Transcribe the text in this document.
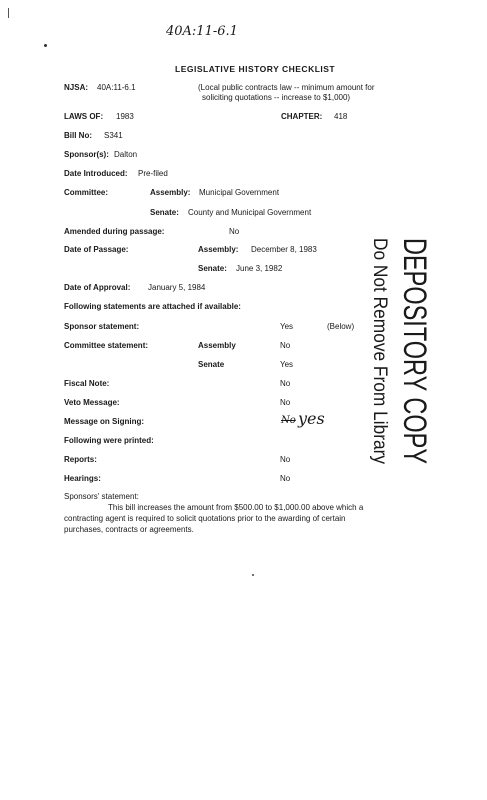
40A:11-6.1
LEGISLATIVE HISTORY CHECKLIST
NJSA: 40A:11-6.1	(Local public contracts law -- minimum amount for
soliciting quotations -- increase to $1,000)
LAWS OF: 1983	CHAPTER: 418
Bill No: S341
Sponsor(s): Dalton
Date Introduced: Pre-filed
Committee:	Assembly: Municipal Government
Senate: County and Municipal Government
Amended during passage:	No
Date of Passage:	Assembly: December 8, 1983
Senate: June 3, 1982
Date of Approval: January 5, 1984
Following statements are attached if available:
Sponsor statement:	Yes	(Below)
Committee statement:	Assembly	No
Senate	Yes
Fiscal Note:	No
Veto Message:	No
Message on Signing:	No yes
Following were printed:
Reports:	No
Hearings:	No
Sponsors' statement:
This bill increases the amount from $500.00 to $1,000.00 above which a
contracting agent is required to solicit quotations prior to the awarding of certain
purchases, contracts or agreements.	DEPOSITORY COPY
Do Not Remove From Library
